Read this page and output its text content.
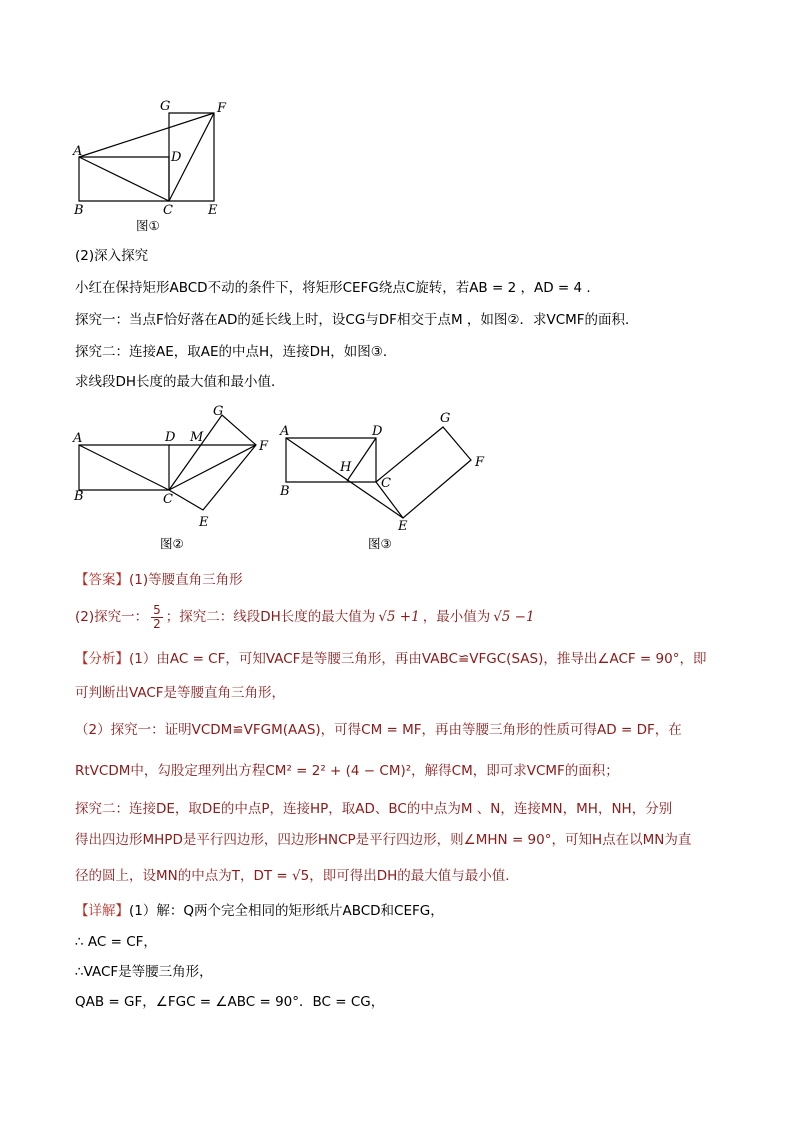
G	F
A	D
B	C	E
图①
(2)深入探究
小红在保持矩形ABCD不动的条件下，将矩形CEFG绕点C旋转，若AB = 2 ，AD = 4 .
探究一：当点F恰好落在AD的延长线上时，设CG与DF相交于点M ，如图②．求VCMF的面积．
探究二：连接AE，取AE的中点H，连接DH，如图③．
求线段DH长度的最大值和最小值．
A	D M
G
F
B	C
E
图②
A	D
G
H	F
B
C
E
图③
【答案】(1)等腰直角三角形
(2)探究一： $\frac{5}{2}$ ；探究二：线段DH长度的最大值为 √5 +1 ，最小值为 √5 −1
【分析】(1）由AC = CF，可知VACF是等腰三角形，再由VABC≌VFGC(SAS)，推导出∠ACF = 90°，即
可判断出VACF是等腰直角三角形，
（2）探究一：证明VCDM≌VFGM(AAS)，可得CM = MF，再由等腰三角形的性质可得AD = DF，在
RtVCDM中，勾股定理列出方程CM² = 2² + (4 − CM)²，解得CM，即可求VCMF的面积；
探究二：连接DE，取DE的中点P，连接HP，取AD、BC的中点为M 、N，连接MN，MH，NH，分别
得出四边形MHPD是平行四边形，四边形HNCP是平行四边形，则∠MHN = 90°，可知H点在以MN为直
径的圆上，设MN的中点为T，DT = √5，即可得出DH的最大值与最小值．
【详解】(1）解：Q两个完全相同的矩形纸片ABCD和CEFG，
∴ AC = CF，
∴VACF是等腰三角形，
QAB = GF，∠FGC = ∠ABC = 90°．BC = CG，
